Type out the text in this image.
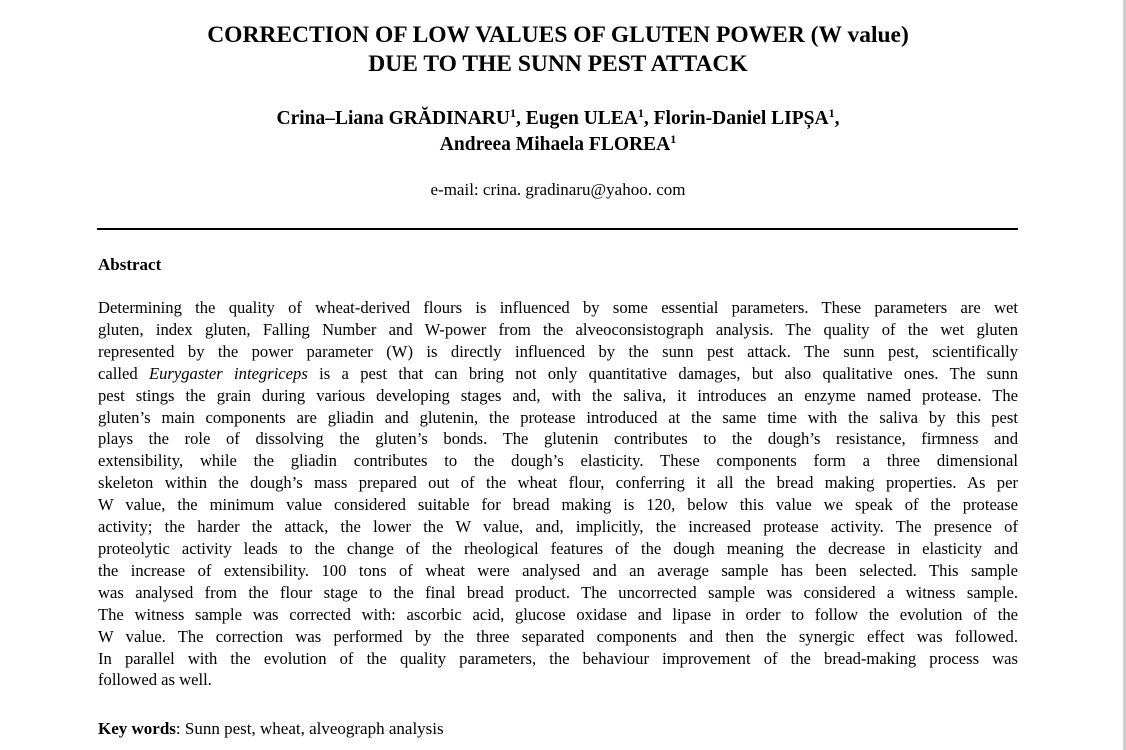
CORRECTION OF LOW VALUES OF GLUTEN POWER (W value)
DUE TO THE SUNN PEST ATTACK
Crina–Liana GRĂDINARU$^1$, Eugen ULEA$^1$, Florin-Daniel LIPȘA$^1$,
Andreea Mihaela FLOREA$^1$
e-mail: crina. gradinaru@yahoo. com
Abstract
Determining the quality of wheat-derived flours is influenced by some essential parameters. These parameters are wet
gluten, index gluten, Falling Number and W-power from the alveoconsistograph analysis. The quality of the wet gluten
represented by the power parameter (W) is directly influenced by the sunn pest attack. The sunn pest, scientifically
called Eurygaster integriceps is a pest that can bring not only quantitative damages, but also qualitative ones. The sunn
pest stings the grain during various developing stages and, with the saliva, it introduces an enzyme named protease. The
gluten’s main components are gliadin and glutenin, the protease introduced at the same time with the saliva by this pest
plays the role of dissolving the gluten’s bonds. The glutenin contributes to the dough’s resistance, firmness and
extensibility, while the gliadin contributes to the dough’s elasticity. These components form a three dimensional
skeleton within the dough’s mass prepared out of the wheat flour, conferring it all the bread making properties. As per
W value, the minimum value considered suitable for bread making is 120, below this value we speak of the protease
activity; the harder the attack, the lower the W value, and, implicitly, the increased protease activity. The presence of
proteolytic activity leads to the change of the rheological features of the dough meaning the decrease in elasticity and
the increase of extensibility. 100 tons of wheat were analysed and an average sample has been selected. This sample
was analysed from the flour stage to the final bread product. The uncorrected sample was considered a witness sample.
The witness sample was corrected with: ascorbic acid, glucose oxidase and lipase in order to follow the evolution of the
W value. The correction was performed by the three separated components and then the synergic effect was followed.
In parallel with the evolution of the quality parameters, the behaviour improvement of the bread-making process was
followed as well.
Key words: Sunn pest, wheat, alveograph analysis
